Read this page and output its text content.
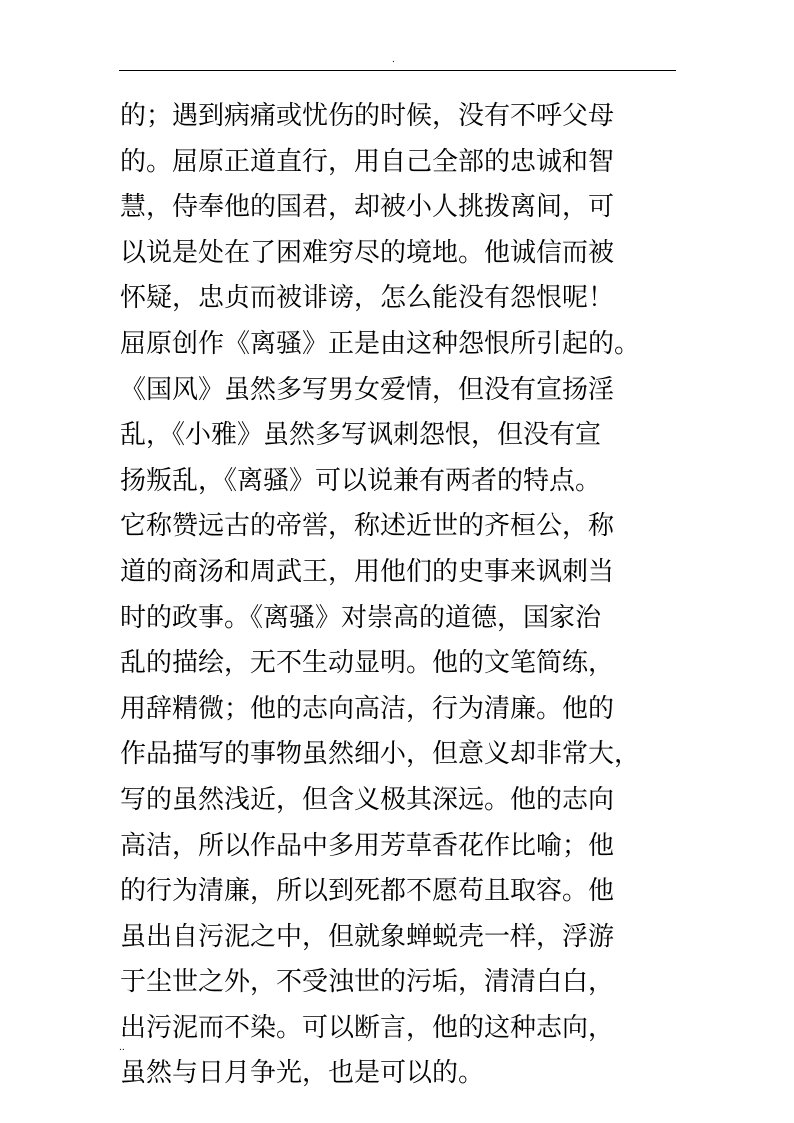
.
的；遇到病痛或忧伤的时候，没有不呼父母
的。屈原正道直行，用自己全部的忠诚和智
慧，侍奉他的国君，却被小人挑拨离间，可
以说是处在了困难穷尽的境地。他诚信而被
怀疑，忠贞而被诽谤，怎么能没有怨恨呢！
屈原创作《离骚》正是由这种怨恨所引起的。
《国风》虽然多写男女爱情，但没有宣扬淫
乱，《小雅》虽然多写讽刺怨恨，但没有宣
扬叛乱，《离骚》可以说兼有两者的特点。
它称赞远古的帝喾，称述近世的齐桓公，称
道的商汤和周武王，用他们的史事来讽刺当
时的政事。《离骚》对崇高的道德，国家治
乱的描绘，无不生动显明。他的文笔简练，
用辞精微；他的志向高洁，行为清廉。他的
作品描写的事物虽然细小，但意义却非常大，
写的虽然浅近，但含义极其深远。他的志向
高洁，所以作品中多用芳草香花作比喻；他
的行为清廉，所以到死都不愿苟且取容。他
虽出自污泥之中，但就象蝉蜕壳一样，浮游
于尘世之外，不受浊世的污垢，清清白白，
出污泥而不染。可以断言，他的这种志向，
虽然与日月争光，也是可以的。
..
